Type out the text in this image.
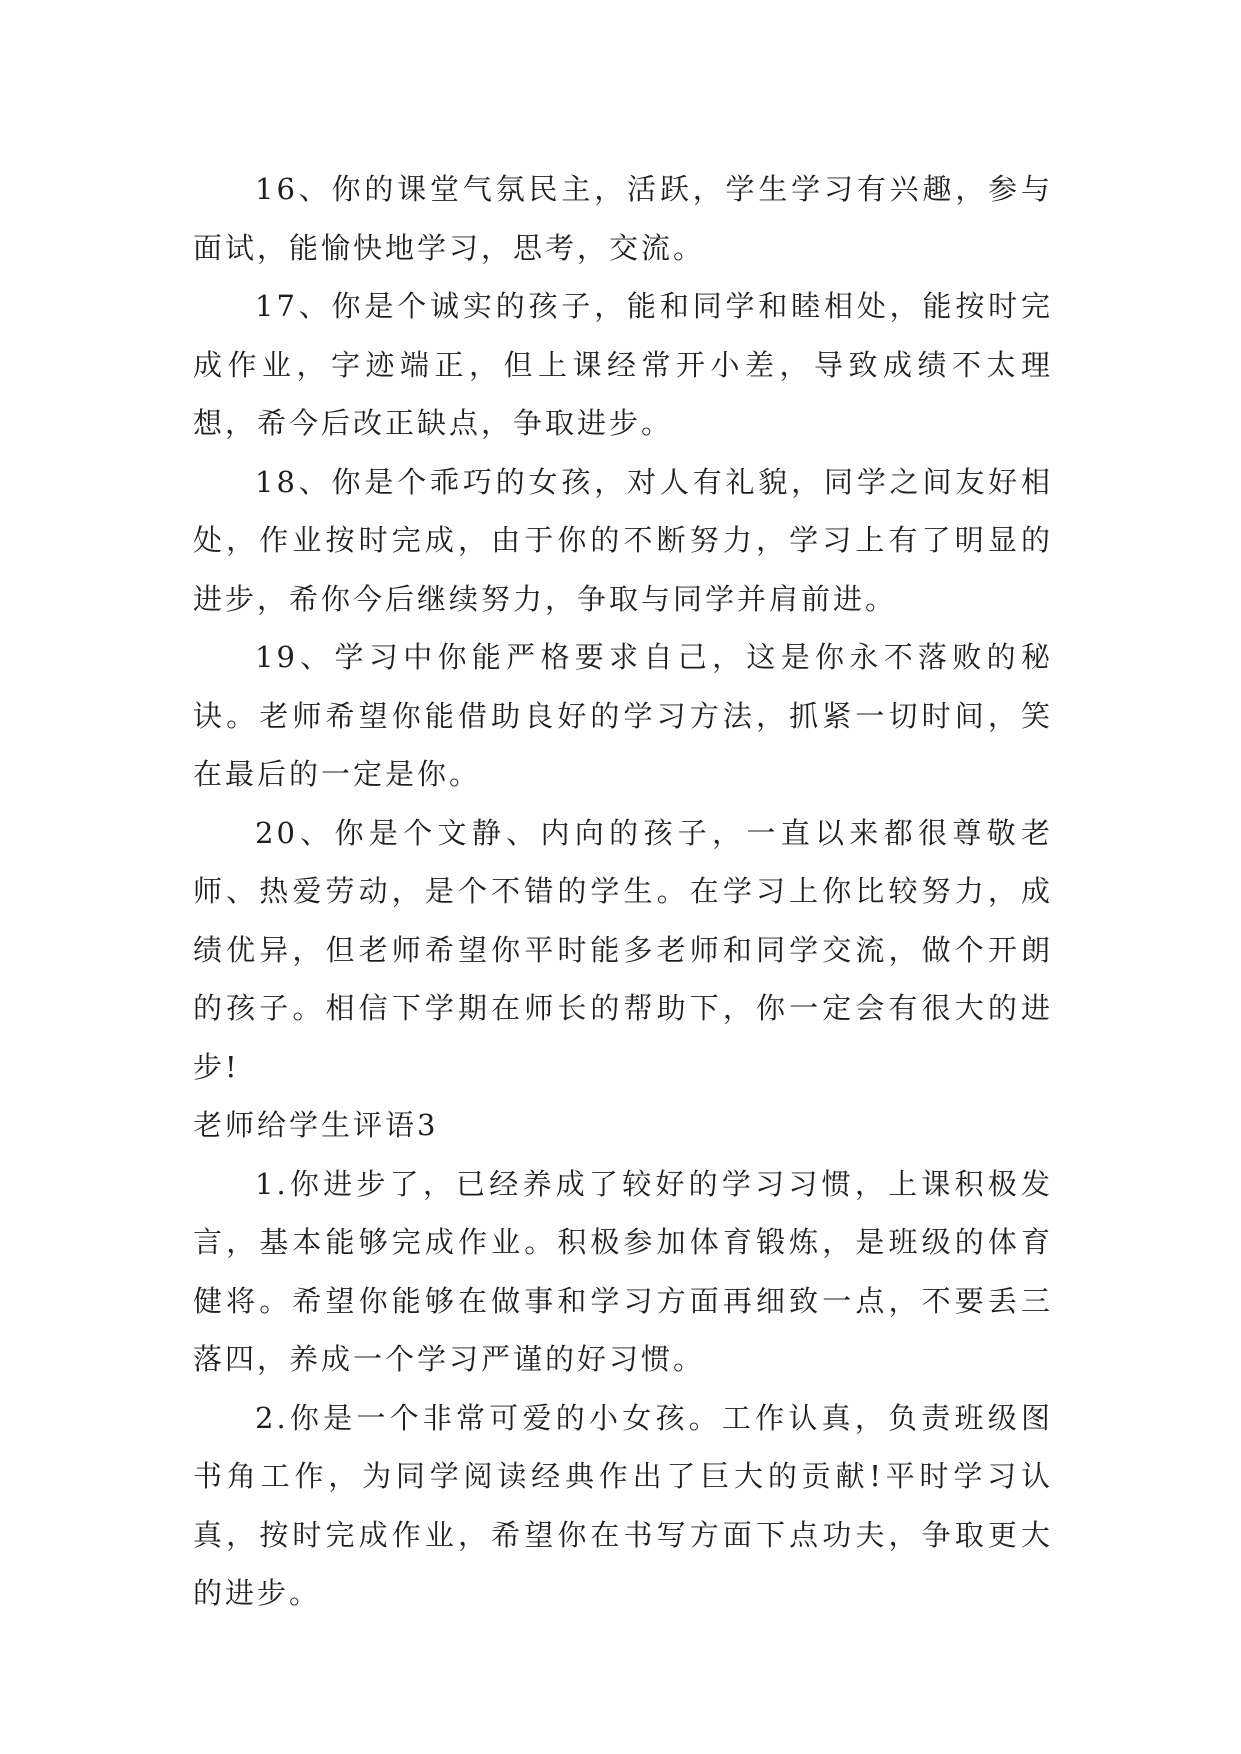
16、你的课堂气氛民主，活跃，学生学习有兴趣，参与面试，能愉快地学习，思考，交流。

17、你是个诚实的孩子，能和同学和睦相处，能按时完成作业，字迹端正，但上课经常开小差，导致成绩不太理想，希今后改正缺点，争取进步。

18、你是个乖巧的女孩，对人有礼貌，同学之间友好相处，作业按时完成，由于你的不断努力，学习上有了明显的进步，希你今后继续努力，争取与同学并肩前进。

19、学习中你能严格要求自己，这是你永不落败的秘诀。老师希望你能借助良好的学习方法，抓紧一切时间，笑在最后的一定是你。

20、你是个文静、内向的孩子，一直以来都很尊敬老师、热爱劳动，是个不错的学生。在学习上你比较努力，成绩优异，但老师希望你平时能多老师和同学交流，做个开朗的孩子。相信下学期在师长的帮助下，你一定会有很大的进步!

老师给学生评语3

1.你进步了，已经养成了较好的学习习惯，上课积极发言，基本能够完成作业。积极参加体育锻炼，是班级的体育健将。希望你能够在做事和学习方面再细致一点，不要丢三落四，养成一个学习严谨的好习惯。

2.你是一个非常可爱的小女孩。工作认真，负责班级图书角工作，为同学阅读经典作出了巨大的贡献!平时学习认真，按时完成作业，希望你在书写方面下点功夫，争取更大的进步。
